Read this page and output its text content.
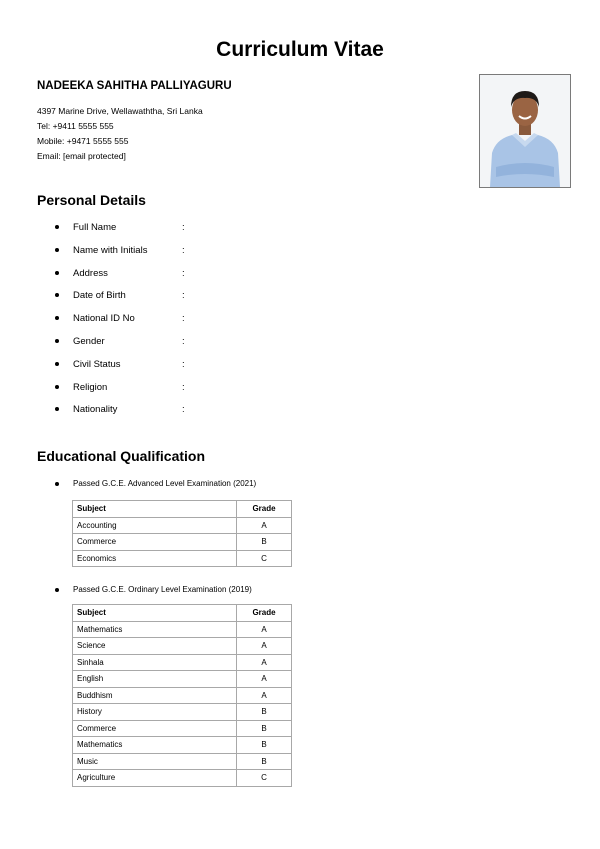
Curriculum Vitae
NADEEKA SAHITHA PALLIYAGURU
4397 Marine Drive, Wellawaththa, Sri Lanka
Tel: +9411 5555 555
Mobile: +9471 5555 555
Email: [email protected]
Personal Details
Full Name	:
Name with Initials	:
Address	:
Date of Birth	:
National ID No	:
Gender	:
Civil Status	:
Religion	:
Nationality	:
Educational Qualification
Passed G.C.E. Advanced Level Examination (2021)
Subject	Grade
Accounting	A
Commerce	B
Economics	C
Passed G.C.E. Ordinary Level Examination (2019)
Subject	Grade
Mathematics	A
Science	A
Sinhala	A
English	A
Buddhism	A
History	B
Commerce	B
Mathematics	B
Music	B
Agriculture	C
